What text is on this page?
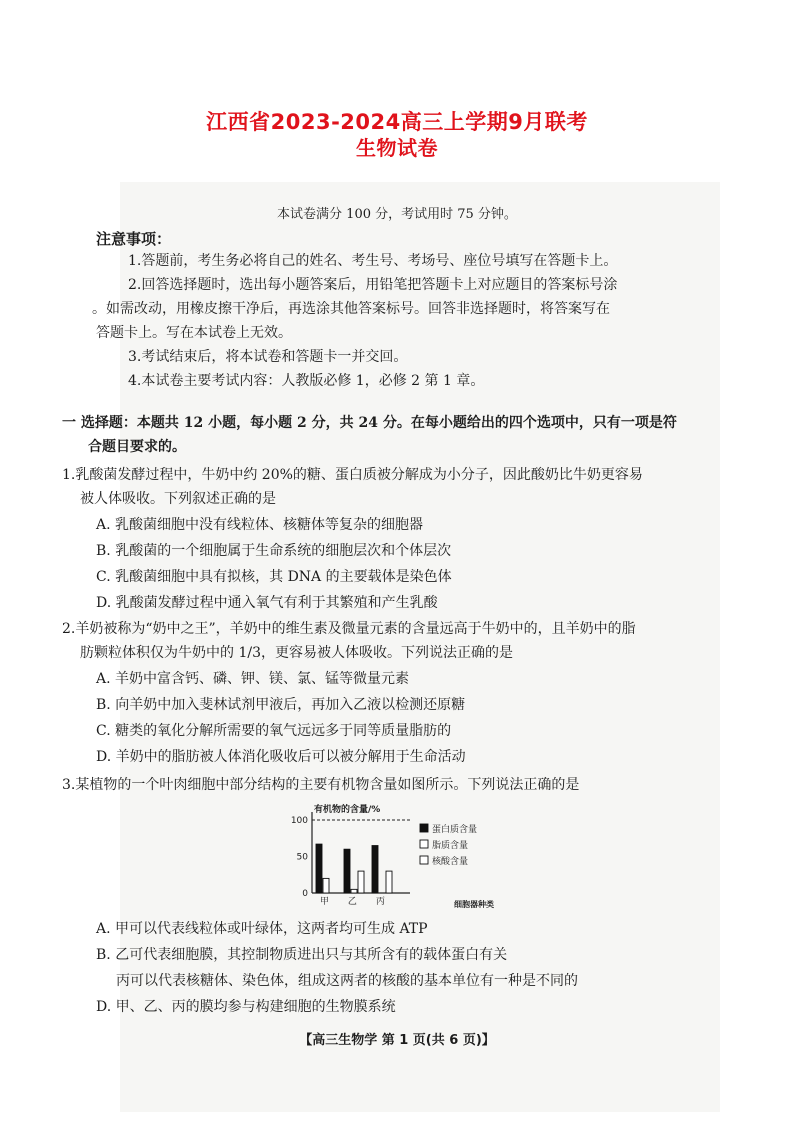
江西省2023-2024高三上学期9月联考
生物试卷
本试卷满分 100 分，考试用时 75 分钟。
注意事项：
1.答题前，考生务必将自己的姓名、考生号、考场号、座位号填写在答题卡上。
2.回答选择题时，选出每小题答案后，用铅笔把答题卡上对应题目的答案标号涂
。如需改动，用橡皮擦干净后，再选涂其他答案标号。回答非选择题时，将答案写在
答题卡上。写在本试卷上无效。
3.考试结束后，将本试卷和答题卡一并交回。
4.本试卷主要考试内容：人教版必修 1，必修 2 第 1 章。
一 选择题：本题共 12 小题，每小题 2 分，共 24 分。在每小题给出的四个选项中，只有一项是符
合题目要求的。
1.乳酸菌发酵过程中，牛奶中约 20%的糖、蛋白质被分解成为小分子，因此酸奶比牛奶更容易
被人体吸收。下列叙述正确的是
A. 乳酸菌细胞中没有线粒体、核糖体等复杂的细胞器
B. 乳酸菌的一个细胞属于生命系统的细胞层次和个体层次
C. 乳酸菌细胞中具有拟核，其 DNA 的主要载体是染色体
D. 乳酸菌发酵过程中通入氧气有利于其繁殖和产生乳酸
2.羊奶被称为“奶中之王”，羊奶中的维生素及微量元素的含量远高于牛奶中的，且羊奶中的脂
肪颗粒体积仅为牛奶中的 1/3，更容易被人体吸收。下列说法正确的是
A. 羊奶中富含钙、磷、钾、镁、氯、锰等微量元素
B. 向羊奶中加入斐林试剂甲液后，再加入乙液以检测还原糖
C. 糖类的氧化分解所需要的氧气远远多于同等质量脂肪的
D. 羊奶中的脂肪被人体消化吸收后可以被分解用于生命活动
3.某植物的一个叶肉细胞中部分结构的主要有机物含量如图所示。下列说法正确的是
有机物的含量/%
0
50
100
甲 乙 丙
蛋白质含量
脂质含量
核酸含量
细胞器种类
A. 甲可以代表线粒体或叶绿体，这两者均可生成 ATP
B. 乙可代表细胞膜，其控制物质进出只与其所含有的载体蛋白有关
丙可以代表核糖体、染色体，组成这两者的核酸的基本单位有一种是不同的
D. 甲、乙、丙的膜均参与构建细胞的生物膜系统
【高三生物学 第 1 页(共 6 页)】
